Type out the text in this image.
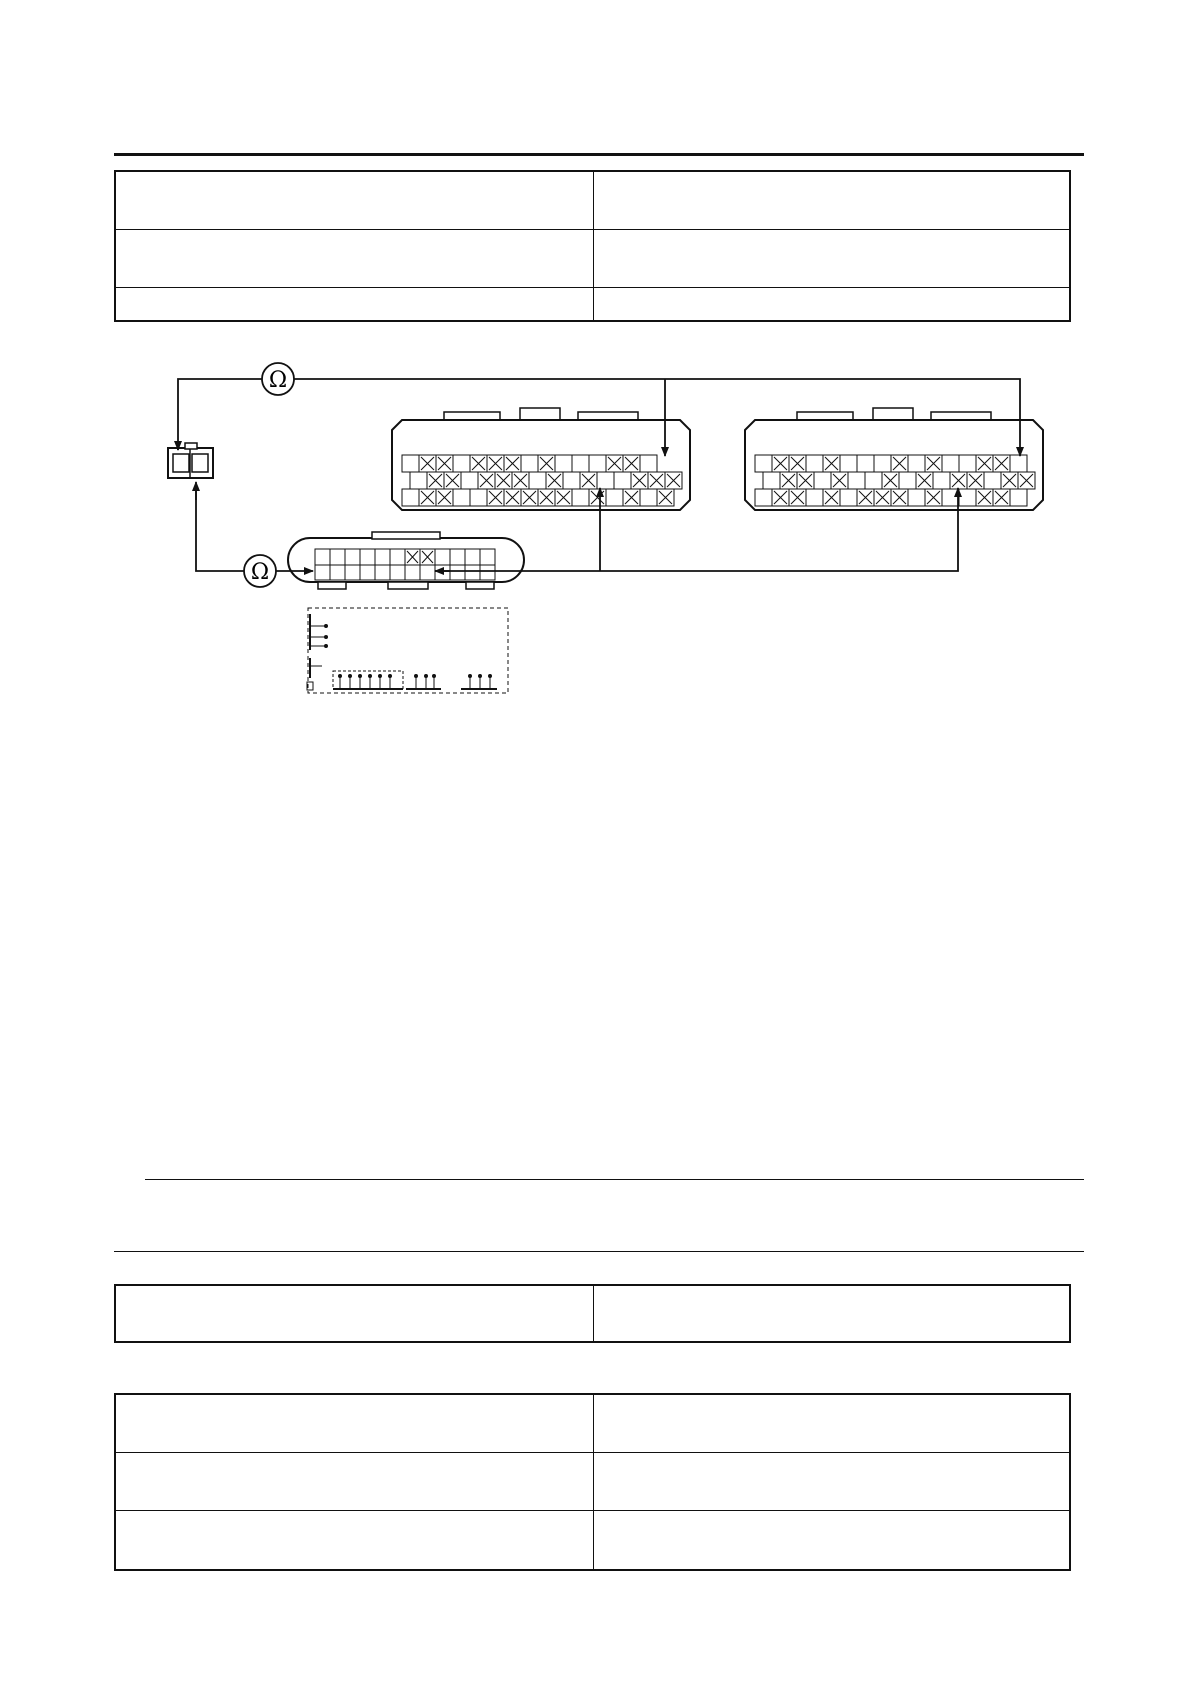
Ω
Ω
